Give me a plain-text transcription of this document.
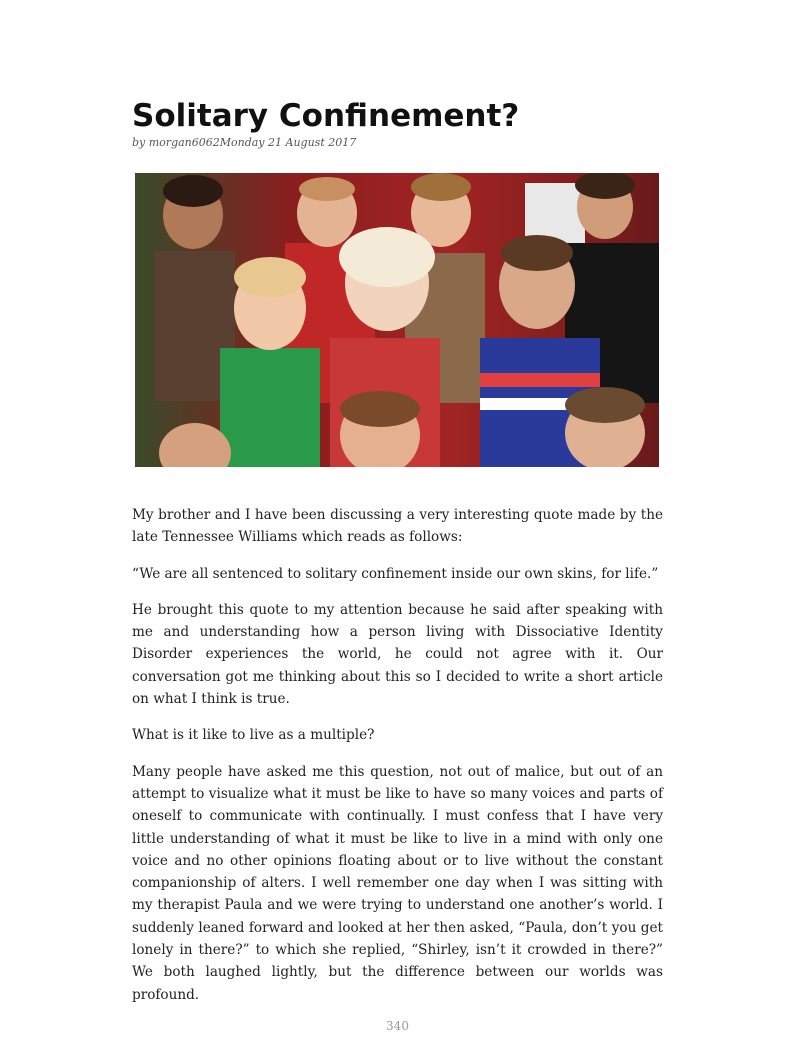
Solitary Confinement?
by morgan6062Monday 21 August 2017

My brother and I have been discussing a very interesting quote made by the late Tennessee Williams which reads as follows:

“We are all sentenced to solitary confinement inside our own skins, for life.”

He brought this quote to my attention because he said after speaking with me and understanding how a person living with Dissociative Identity Disorder experiences the world, he could not agree with it. Our conversation got me thinking about this so I decided to write a short article on what I think is true.

What is it like to live as a multiple?

Many people have asked me this question, not out of malice, but out of an attempt to visualize what it must be like to have so many voices and parts of oneself to communicate with continually. I must confess that I have very little understanding of what it must be like to live in a mind with only one voice and no other opinions floating about or to live without the constant companionship of alters. I well remember one day when I was sitting with my therapist Paula and we were trying to understand one another’s world. I suddenly leaned forward and looked at her then asked, “Paula, don’t you get lonely in there?” to which she replied, “Shirley, isn’t it crowded in there?” We both laughed lightly, but the difference between our worlds was profound.

340
